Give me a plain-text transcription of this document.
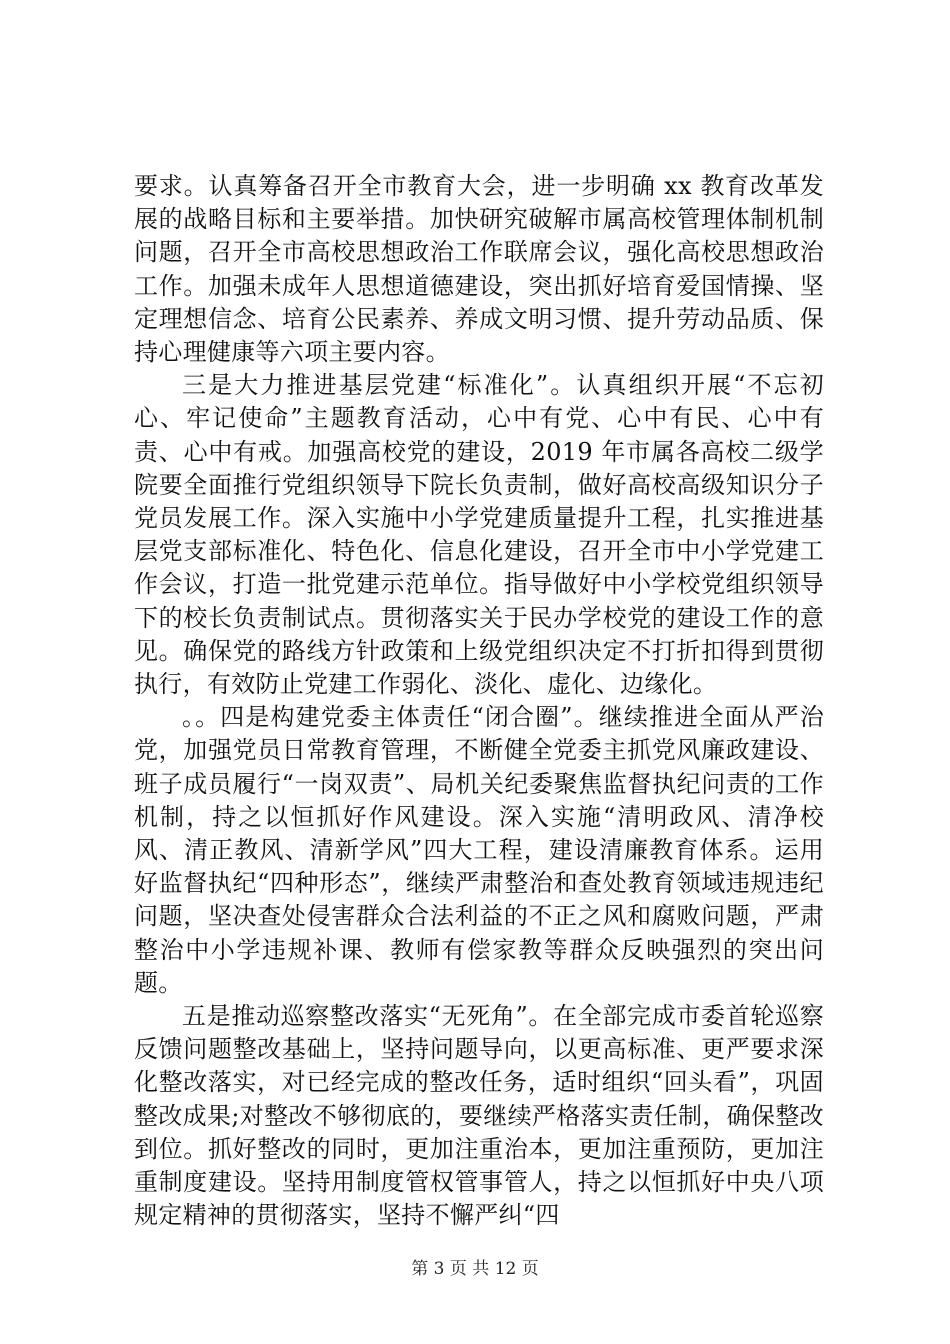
要求。认真筹备召开全市教育大会，进一步明确 xx 教育改革发展的战略目标和主要举措。加快研究破解市属高校管理体制机制问题，召开全市高校思想政治工作联席会议，强化高校思想政治工作。加强未成年人思想道德建设，突出抓好培育爱国情操、坚定理想信念、培育公民素养、养成文明习惯、提升劳动品质、保持心理健康等六项主要内容。

三是大力推进基层党建“标准化”。认真组织开展“不忘初心、牢记使命”主题教育活动，心中有党、心中有民、心中有责、心中有戒。加强高校党的建设，2019 年市属各高校二级学院要全面推行党组织领导下院长负责制，做好高校高级知识分子党员发展工作。深入实施中小学党建质量提升工程，扎实推进基层党支部标准化、特色化、信息化建设，召开全市中小学党建工作会议，打造一批党建示范单位。指导做好中小学校党组织领导下的校长负责制试点。贯彻落实关于民办学校党的建设工作的意见。确保党的路线方针政策和上级党组织决定不打折扣得到贯彻执行，有效防止党建工作弱化、淡化、虚化、边缘化。

。。四是构建党委主体责任“闭合圈”。继续推进全面从严治党，加强党员日常教育管理，不断健全党委主抓党风廉政建设、班子成员履行“一岗双责”、局机关纪委聚焦监督执纪问责的工作机制，持之以恒抓好作风建设。深入实施“清明政风、清净校风、清正教风、清新学风”四大工程，建设清廉教育体系。运用好监督执纪“四种形态”，继续严肃整治和查处教育领域违规违纪问题，坚决查处侵害群众合法利益的不正之风和腐败问题，严肃整治中小学违规补课、教师有偿家教等群众反映强烈的突出问题。

五是推动巡察整改落实“无死角”。在全部完成市委首轮巡察反馈问题整改基础上，坚持问题导向，以更高标准、更严要求深化整改落实，对已经完成的整改任务，适时组织“回头看”，巩固整改成果;对整改不够彻底的，要继续严格落实责任制，确保整改到位。抓好整改的同时，更加注重治本，更加注重预防，更加注重制度建设。坚持用制度管权管事管人，持之以恒抓好中央八项规定精神的贯彻落实，坚持不懈严纠“四

第 3 页 共 12 页
